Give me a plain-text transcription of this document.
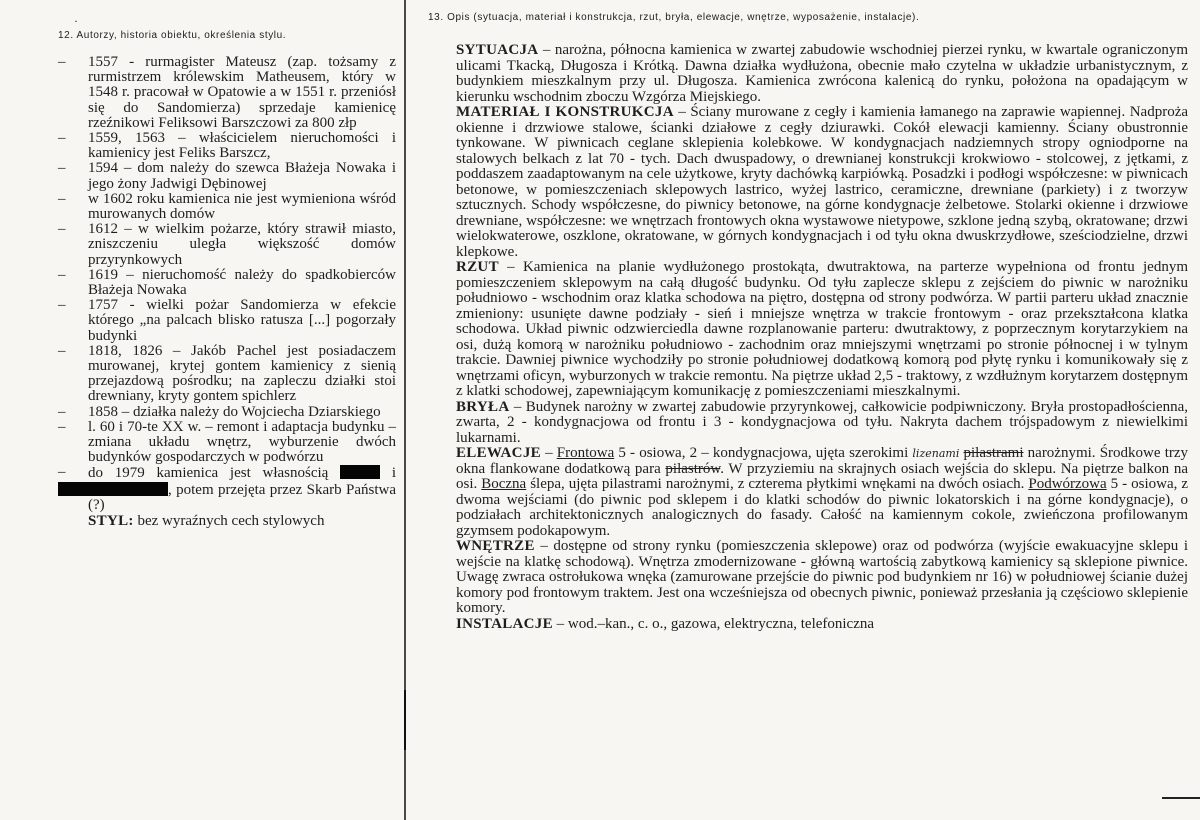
·
12. Autorzy, historia obiektu, określenia stylu.
– 1557 - rurmagister Mateusz (zap. tożsamy z rurmistrzem królewskim Matheusem, który w 1548 r. pracował w Opatowie a w 1551 r. przeniósł się do Sandomierza) sprzedaje kamienicę rzeźnikowi Feliksowi Barszczowi za 800 złp
– 1559, 1563 – właścicielem nieruchomości i kamienicy jest Feliks Barszcz,
– 1594 – dom należy do szewca Błażeja Nowaka i jego żony Jadwigi Dębinowej
– w 1602 roku kamienica nie jest wymieniona wśród murowanych domów
– 1612 – w wielkim pożarze, który strawił miasto, zniszczeniu uległa większość domów przyrynkowych
– 1619 – nieruchomość należy do spadkobierców Błażeja Nowaka
– 1757 - wielki pożar Sandomierza w efekcie którego „na palcach blisko ratusza [...] pogorzały budynki
– 1818, 1826 – Jakób Pachel jest posiadaczem murowanej, krytej gontem kamienicy z sienią przejazdową pośrodku; na zapleczu działki stoi drewniany, kryty gontem spichlerz
– 1858 – działka należy do Wojciecha Dziarskiego
– l. 60 i 70-te XX w. – remont i adaptacja budynku – zmiana układu wnętrz, wyburzenie dwóch budynków gospodarczych w podwórzu
– do 1979 kamienica jest własnością	i , potem przejęta przez Skarb Państwa (?)
STYL: bez wyraźnych cech stylowych
13. Opis (sytuacja, materiał i konstrukcja, rzut, bryła, elewacje, wnętrze, wyposażenie, instalacje).

SYTUACJA – narożna, północna kamienica w zwartej zabudowie wschodniej pierzei rynku, w kwartale ograniczonym ulicami Tkacką, Długosza i Krótką. Dawna działka wydłużona, obecnie mało czytelna w układzie urbanistycznym, z budynkiem mieszkalnym przy ul. Długosza. Kamienica zwrócona kalenicą do rynku, położona na opadającym w kierunku wschodnim zboczu Wzgórza Miejskiego.

MATERIAŁ I KONSTRUKCJA – Ściany murowane z cegły i kamienia łamanego na zaprawie wapiennej. Nadproża okienne i drzwiowe stalowe, ścianki działowe z cegły dziurawki. Cokół elewacji kamienny. Ściany obustronnie tynkowane. W piwnicach ceglane sklepienia kolebkowe. W kondygnacjach nadziemnych stropy ogniodporne na stalowych belkach z lat 70 - tych. Dach dwuspadowy, o drewnianej konstrukcji krokwiowo - stolcowej, z jętkami, z poddaszem zaadaptowanym na cele użytkowe, kryty dachówką karpiówką. Posadzki i podłogi współczesne: w piwnicach betonowe, w pomieszczeniach sklepowych lastrico, wyżej lastrico, ceramiczne, drewniane (parkiety) i z tworzyw sztucznych. Schody współczesne, do piwnicy betonowe, na górne kondygnacje żelbetowe. Stolarki okienne i drzwiowe drewniane, współczesne: we wnętrzach frontowych okna wystawowe nietypowe, szklone jedną szybą, okratowane; drzwi wielokwaterowe, oszklone, okratowane, w górnych kondygnacjach i od tyłu okna dwuskrzydłowe, sześciodzielne, drzwi klepkowe.

RZUT – Kamienica na planie wydłużonego prostokąta, dwutraktowa, na parterze wypełniona od frontu jednym pomieszczeniem sklepowym na całą długość budynku. Od tyłu zaplecze sklepu z zejściem do piwnic w narożniku południowo - wschodnim oraz klatka schodowa na piętro, dostępna od strony podwórza. W partii parteru układ znacznie zmieniony: usunięte dawne podziały - sień i mniejsze wnętrza w trakcie frontowym - oraz przekształcona klatka schodowa. Układ piwnic odzwierciedla dawne rozplanowanie parteru: dwutraktowy, z poprzecznym korytarzykiem na osi, dużą komorą w narożniku południowo - zachodnim oraz mniejszymi wnętrzami po stronie północnej i w tylnym trakcie. Dawniej piwnice wychodziły po stronie południowej dodatkową komorą pod płytę rynku i komunikowały się z wnętrzami oficyn, wyburzonych w trakcie remontu. Na piętrze układ 2,5 - traktowy, z wzdłużnym korytarzem dostępnym z klatki schodowej, zapewniającym komunikację z pomieszczeniami mieszkalnymi.

BRYŁA – Budynek narożny w zwartej zabudowie przyrynkowej, całkowicie podpiwniczony. Bryła prostopadłościenna, zwarta, 2 - kondygnacjowa od frontu i 3 - kondygnacjowa od tyłu. Nakryta dachem trójspadowym z niewielkimi lukarnami.

ELEWACJE – Frontowa 5 - osiowa, 2 – kondygnacjowa, ujęta szerokimi lizenami pilastrami narożnymi. Środkowe trzy okna flankowane dodatkową para pilastrów. W przyziemiu na skrajnych osiach wejścia do sklepu. Na piętrze balkon na osi. Boczna ślepa, ujęta pilastrami narożnymi, z czterema płytkimi wnękami na dwóch osiach. Podwórzowa 5 - osiowa, z dwoma wejściami (do piwnic pod sklepem i do klatki schodów do piwnic lokatorskich i na górne kondygnacje), o podziałach architektonicznych analogicznych do fasady. Całość na kamiennym cokole, zwieńczona profilowanym gzymsem podokapowym.

WNĘTRZE – dostępne od strony rynku (pomieszczenia sklepowe) oraz od podwórza (wyjście ewakuacyjne sklepu i wejście na klatkę schodową). Wnętrza zmodernizowane - główną wartością zabytkową kamienicy są sklepione piwnice. Uwagę zwraca ostrołukowa wnęka (zamurowane przejście do piwnic pod budynkiem nr 16) w południowej ścianie dużej komory pod frontowym traktem. Jest ona wcześniejsza od obecnych piwnic, ponieważ przesłania ją częściowo sklepienie komory.

INSTALACJE – wod.–kan., c. o., gazowa, elektryczna, telefoniczna
